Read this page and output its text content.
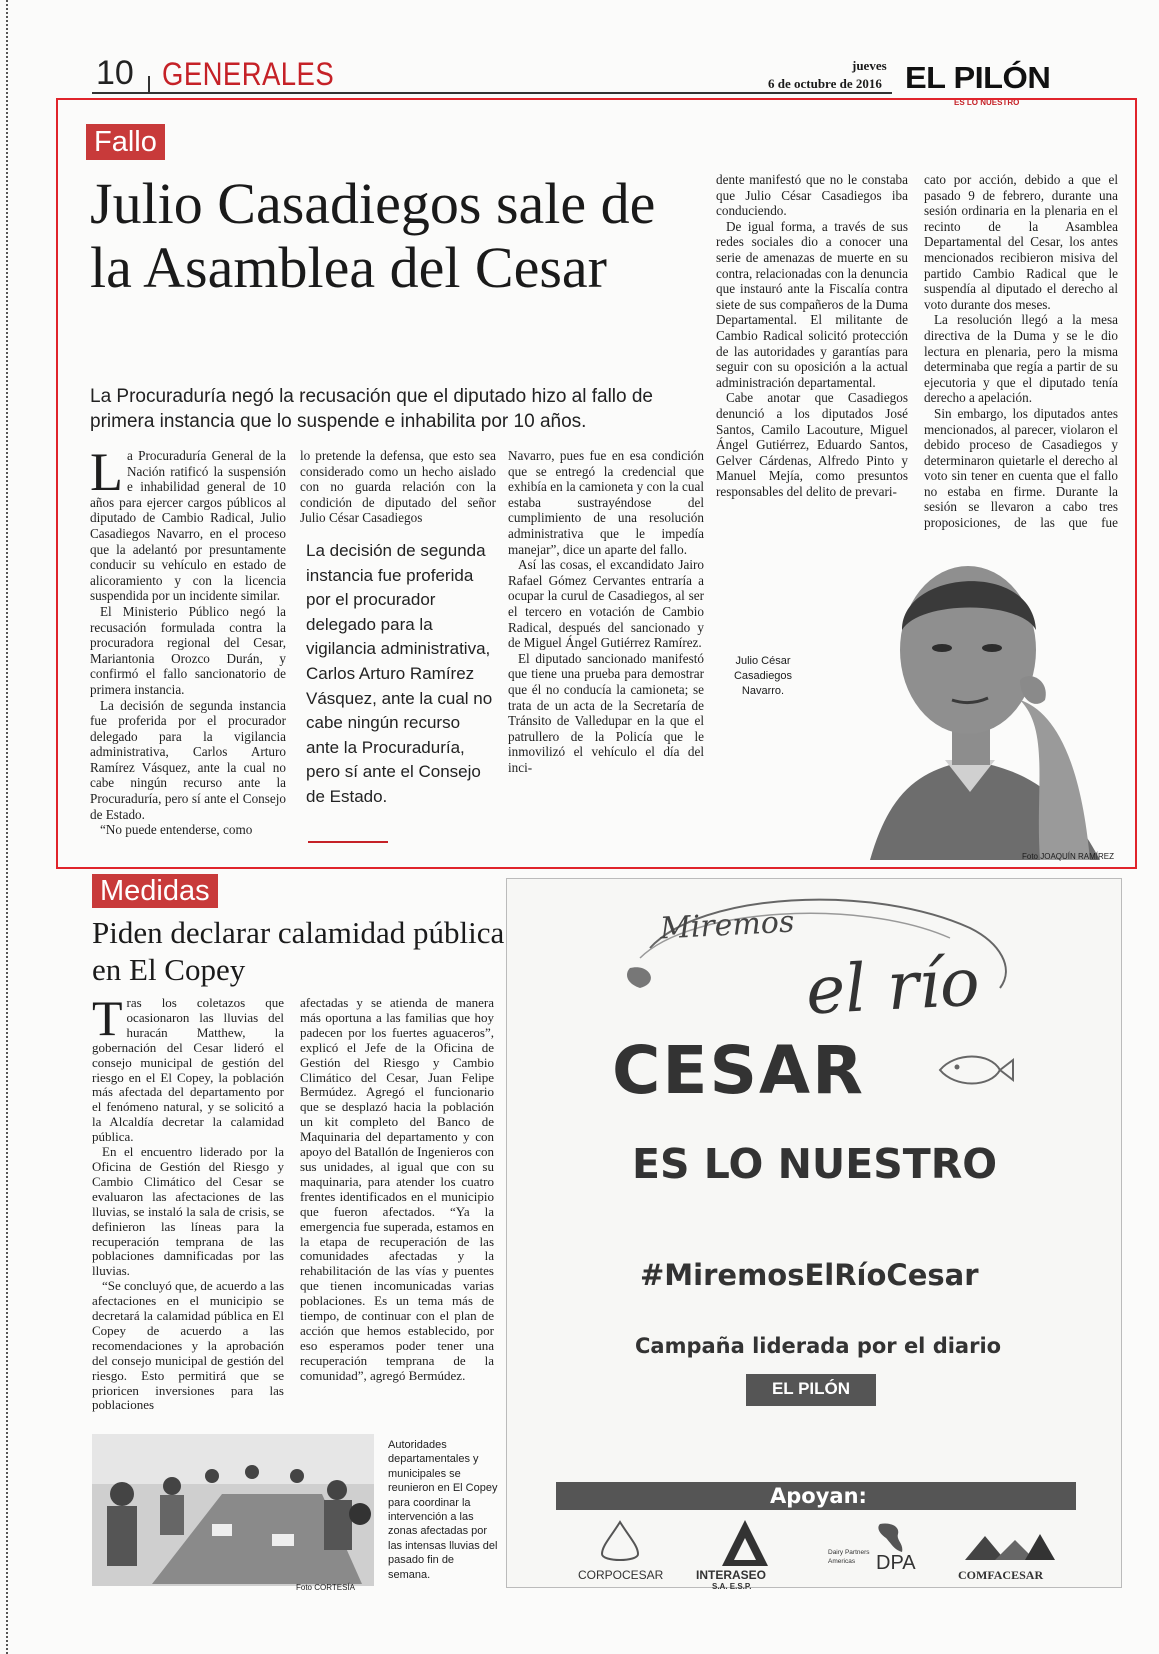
10 GENERALES	jueves
6 de octubre de 2016 EL PILÓN
ES LO NUESTRO
Fallo
Julio Casadiegos sale de la Asamblea del Cesar
La Procuraduría negó la recusación que el diputado hizo al fallo de primera instancia que lo suspende e inhabilita por 10 años.
L a Procuraduría General de la Nación ratificó la suspensión e inhabilidad general de 10 años para ejercer cargos públicos al diputado de Cambio Radical, Julio Casadiegos Navarro, en el proceso que la adelantó por presuntamente conducir su vehículo en estado de alicoramiento y con la licencia suspendida por un incidente similar.

El Ministerio Público negó la recusación formulada contra la procuradora regional del Cesar, Mariantonia Orozco Durán, y confirmó el fallo sancionatorio de primera instancia.

La decisión de segunda instancia fue proferida por el procurador delegado para la vigilancia administrativa, Carlos Arturo Ramírez Vásquez, ante la cual no cabe ningún recurso ante la Procuraduría, pero sí ante el Consejo de Estado.

“No puede entenderse, como

lo pretende la defensa, que esto sea considerado como un hecho aislado con no guarda relación con la condición de diputado del señor Julio César Casadiegos

La decisión de segunda instancia fue proferida por el procurador delegado para la vigilancia administrativa, Carlos Arturo Ramírez Vásquez, ante la cual no cabe ningún recurso ante la Procuraduría, pero sí ante el Consejo de Estado.

Navarro, pues fue en esa condición que se entregó la credencial que exhibía en la camioneta y con la cual estaba sustrayéndose del cumplimiento de una resolución administrativa que le impedía manejar”, dice un aparte del fallo.

Así las cosas, el excandidato Jairo Rafael Gómez Cervantes entraría a ocupar la curul de Casadiegos, al ser el tercero en votación de Cambio Radical, después del sancionado y de Miguel Ángel Gutiérrez Ramírez.

El diputado sancionado manifestó que tiene una prueba para demostrar que él no conducía la camioneta; se trata de un acta de la Secretaría de Tránsito de Valledupar en la que el patrullero de la Policía que le inmovilizó el vehículo el día del inci-

dente manifestó que no le constaba que Julio César Casadiegos iba conduciendo.

De igual forma, a través de sus redes sociales dio a conocer una serie de amenazas de muerte en su contra, relacionadas con la denuncia que instauró ante la Fiscalía contra siete de sus compañeros de la Duma Departamental. El militante de Cambio Radical solicitó protección de las autoridades y garantías para seguir con su oposición a la actual administración departamental.

Cabe anotar que Casadiegos denunció a los diputados José Santos, Camilo Lacouture, Miguel Ángel Gutiérrez, Eduardo Santos, Gelver Cárdenas, Alfredo Pinto y Manuel Mejía, como presuntos responsables del delito de prevari-

cato por acción, debido a que el pasado 9 de febrero, durante una sesión ordinaria en la plenaria en el recinto de la Asamblea Departamental del Cesar, los antes mencionados recibieron misiva del partido Cambio Radical que le suspendía al diputado el derecho al voto durante dos meses.

La resolución llegó a la mesa directiva de la Duma y se le dio lectura en plenaria, pero la misma determinaba que regía a partir de su ejecutoria y que el diputado tenía derecho a apelación.

Sin embargo, los diputados antes mencionados, al parecer, violaron el debido proceso de Casadiegos y determinaron quietarle el derecho al voto sin tener en cuenta que el fallo no estaba en firme. Durante la sesión se llevaron a cabo tres proposiciones, de las que fue

Julio César Casadiegos Navarro.
Foto JOAQUÍN RAMÍREZ
Medidas
Piden declarar calamidad pública en El Copey
T ras los coletazos que ocasionaron las lluvias del huracán Matthew, la gobernación del Cesar lideró el consejo municipal de gestión del riesgo en el El Copey, la población más afectada del departamento por el fenómeno natural, y se solicitó a la Alcaldía decretar la calamidad pública.

En el encuentro liderado por la Oficina de Gestión del Riesgo y Cambio Climático del Cesar se evaluaron las afectaciones de las lluvias, se instaló la sala de crisis, se definieron las líneas para la recuperación temprana de las poblaciones damnificadas por las lluvias.

“Se concluyó que, de acuerdo a las afectaciones en el municipio se decretará la calamidad pública en El Copey de acuerdo a las recomendaciones y la aprobación del consejo municipal de gestión del riesgo. Esto permitirá que se prioricen inversiones para las poblaciones

afectadas y se atienda de manera más oportuna a las familias que hoy padecen por los fuertes aguaceros”, explicó el Jefe de la Oficina de Gestión del Riesgo y Cambio Climático del Cesar, Juan Felipe Bermúdez. Agregó el funcionario que se desplazó hacia la población un kit completo del Banco de Maquinaria del departamento y con apoyo del Batallón de Ingenieros con sus unidades, al igual que con su maquinaria, para atender los cuatro frentes identificados en el municipio que fueron afectados. “Ya la emergencia fue superada, estamos en la etapa de recuperación de las comunidades afectadas y la rehabilitación de las vías y puentes que tienen incomunicadas varias poblaciones. Es un tema más de tiempo, de continuar con el plan de acción que hemos establecido, por eso esperamos poder tener una recuperación temprana de la comunidad”, agregó Bermúdez.

Autoridades departamentales y municipales se reunieron en El Copey para coordinar la intervención a las zonas afectadas por las intensas lluvias del pasado fin de semana.
Foto CORTESÍA
Miremos
el río
CESAR
ES LO NUESTRO
#MiremosElRíoCesar
Campaña liderada por el diario
EL PILÓN
Apoyan:
CORPOCESAR	INTERASEO
S.A. E.S.P.
Dairy Partners Americas	DPA
COMFACESAR
